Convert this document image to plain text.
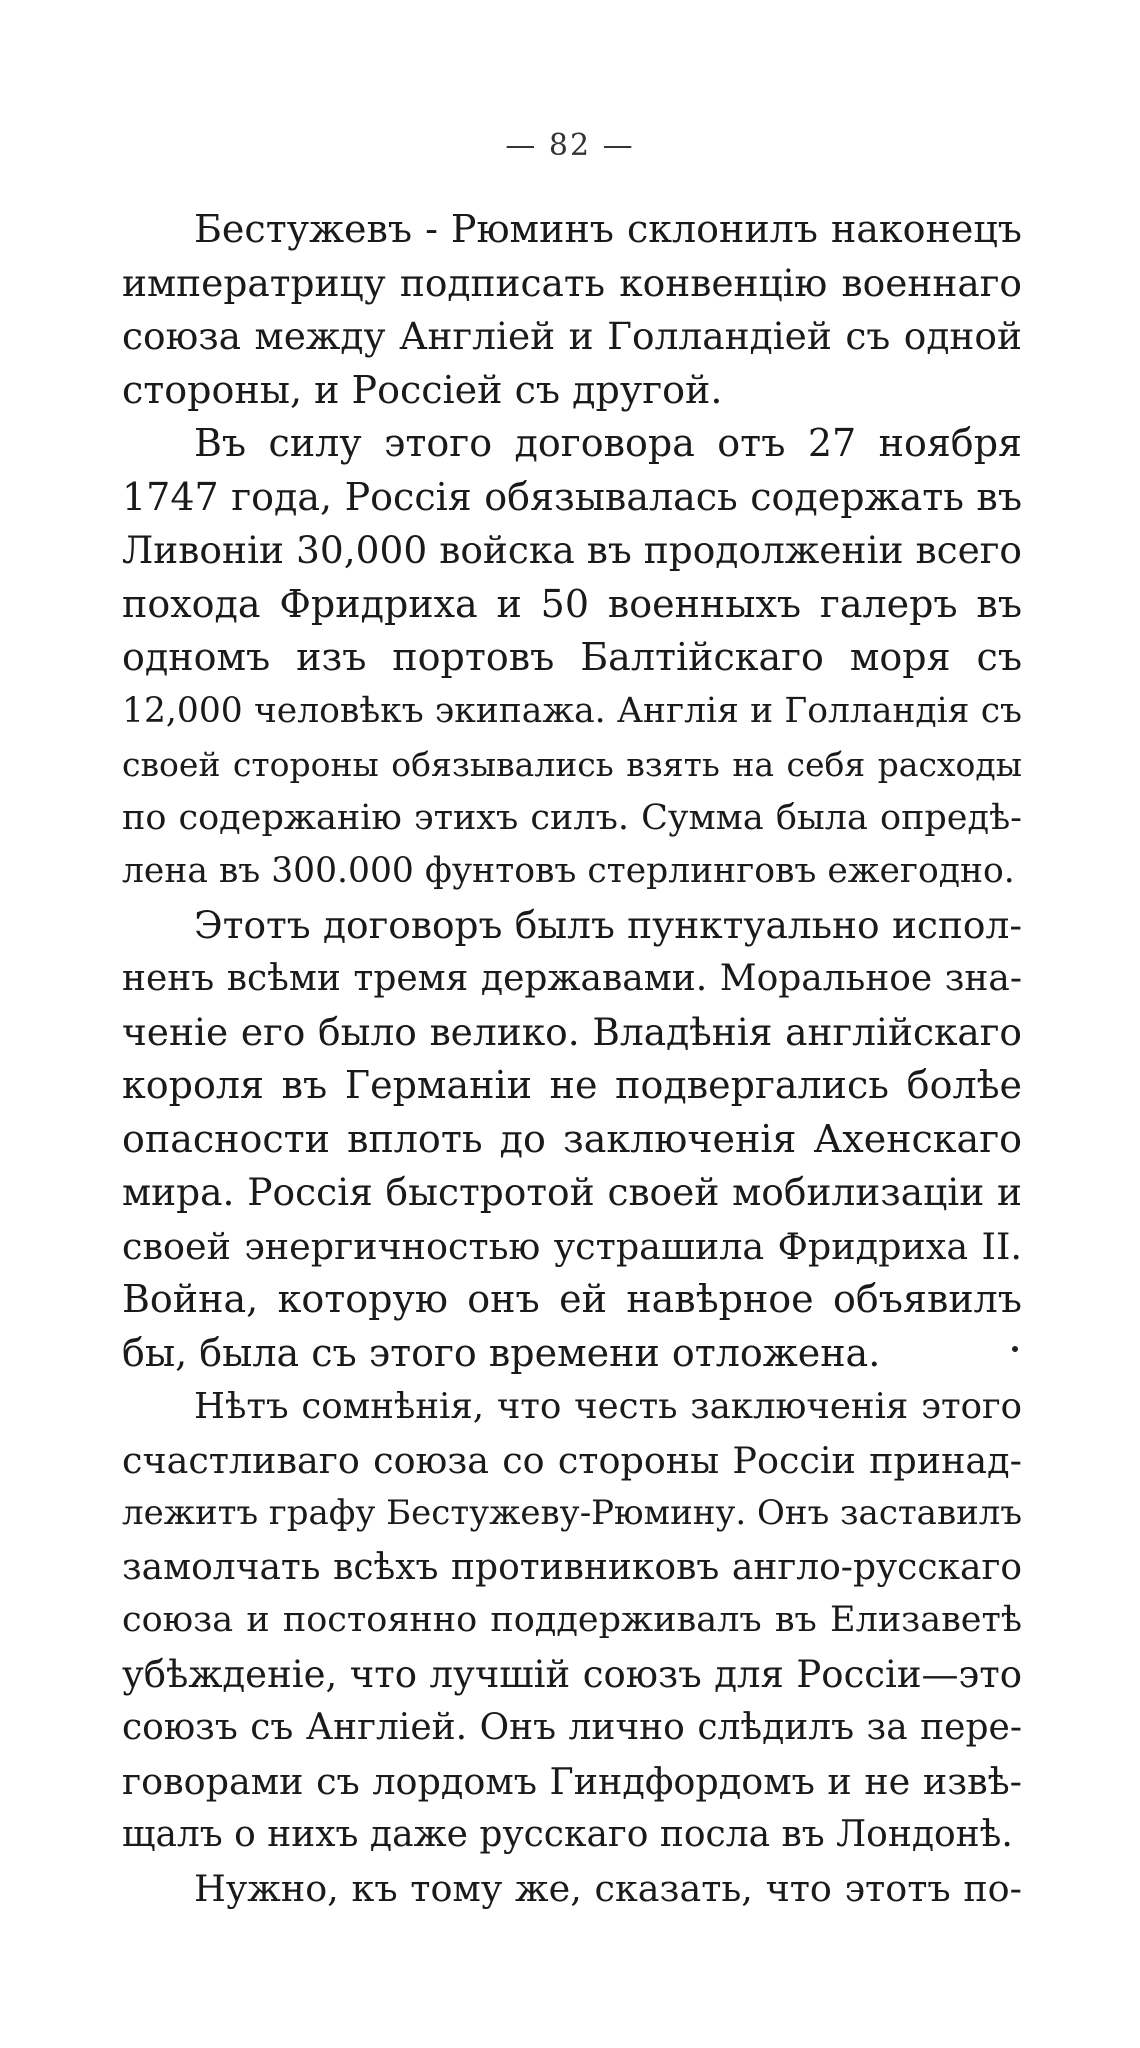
— 82 —
Бестужевъ - Рюминъ склонилъ наконецъ
императрицу подписать конвенцію военнаго
союза между Англіей и Голландіей съ одной
стороны, и Россіей съ другой.
Въ силу этого договора отъ 27 ноября
1747 года, Россія обязывалась содержать въ
Ливоніи 30,000 войска въ продолженіи всего
похода Фридриха и 50 военныхъ галеръ въ
одномъ изъ портовъ Балтійскаго моря съ
12,000 человѣкъ экипажа. Англія и Голландія съ
своей стороны обязывались взять на себя расходы
по содержанію этихъ силъ. Сумма была опредѣ-
лена въ 300.000 фунтовъ стерлинговъ ежегодно.
Этотъ договоръ былъ пунктуально испол-
ненъ всѣми тремя державами. Моральное зна-
ченіе его было велико. Владѣнія англійскаго
короля въ Германіи не подвергались болѣе
опасности вплоть до заключенія Ахенскаго
мира. Россія быстротой своей мобилизаціи и
своей энергичностью устрашила Фридриха II.
Война, которую онъ ей навѣрное объявилъ
бы, была съ этого времени отложена.
Нѣтъ сомнѣнія, что честь заключенія этого
счастливаго союза со стороны Россіи принад-
лежитъ графу Бестужеву-Рюмину. Онъ заставилъ
замолчать всѣхъ противниковъ англо-русскаго
союза и постоянно поддерживалъ въ Елизаветѣ
убѣжденіе, что лучшій союзъ для Россіи—это
союзъ съ Англіей. Онъ лично слѣдилъ за пере-
говорами съ лордомъ Гиндфордомъ и не извѣ-
щалъ о нихъ даже русскаго посла въ Лондонѣ.
Нужно, къ тому же, сказать, что этотъ по-
